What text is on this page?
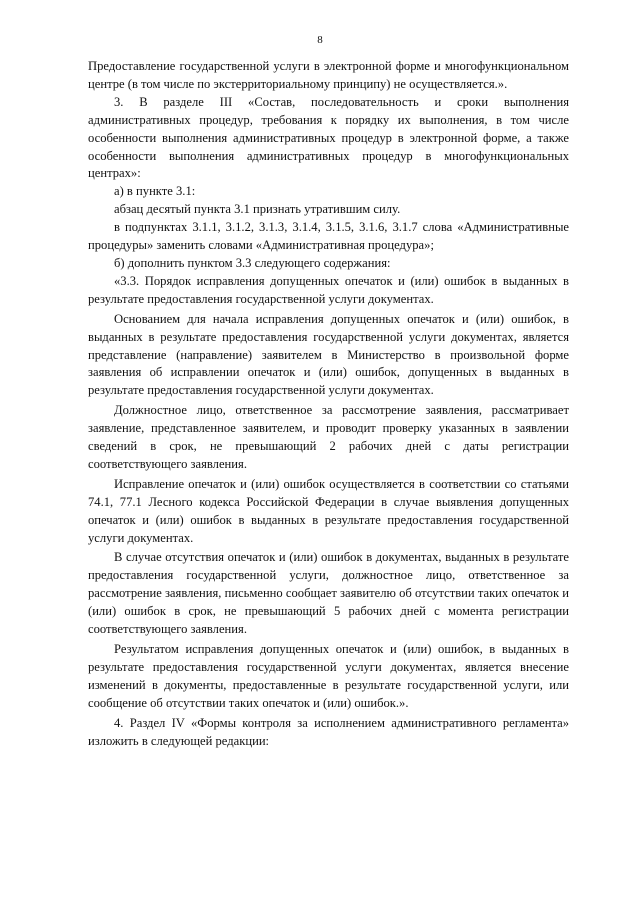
8

Предоставление государственной услуги в электронной форме и многофункциональном центре (в том числе по экстерриториальному принципу) не осуществляется.».

3. В разделе III «Состав, последовательность и сроки выполнения административных процедур, требования к порядку их выполнения, в том числе особенности выполнения административных процедур в электронной форме, а также особенности выполнения административных процедур в многофункциональных центрах»:

а) в пункте 3.1:

абзац десятый пункта 3.1 признать утратившим силу.

в подпунктах 3.1.1, 3.1.2, 3.1.3, 3.1.4, 3.1.5, 3.1.6, 3.1.7 слова «Административные процедуры» заменить словами «Административная процедура»;

б) дополнить пунктом 3.3 следующего содержания:

«3.3. Порядок исправления допущенных опечаток и (или) ошибок в выданных в результате предоставления государственной услуги документах.

Основанием для начала исправления допущенных опечаток и (или) ошибок, в выданных в результате предоставления государственной услуги документах, является представление (направление) заявителем в Министерство в произвольной форме заявления об исправлении опечаток и (или) ошибок, допущенных в выданных в результате предоставления государственной услуги документах.

Должностное лицо, ответственное за рассмотрение заявления, рассматривает заявление, представленное заявителем, и проводит проверку указанных в заявлении сведений в срок, не превышающий 2 рабочих дней с даты регистрации соответствующего заявления.

Исправление опечаток и (или) ошибок осуществляется в соответствии со статьями 74.1, 77.1 Лесного кодекса Российской Федерации в случае выявления допущенных опечаток и (или) ошибок в выданных в результате предоставления государственной услуги документах.

В случае отсутствия опечаток и (или) ошибок в документах, выданных в результате предоставления государственной услуги, должностное лицо, ответственное за рассмотрение заявления, письменно сообщает заявителю об отсутствии таких опечаток и (или) ошибок в срок, не превышающий 5 рабочих дней с момента регистрации соответствующего заявления.

Результатом исправления допущенных опечаток и (или) ошибок, в выданных в результате предоставления государственной услуги документах, является внесение изменений в документы, предоставленные в результате государственной услуги, или сообщение об отсутствии таких опечаток и (или) ошибок.».

4. Раздел IV «Формы контроля за исполнением административного регламента» изложить в следующей редакции:
